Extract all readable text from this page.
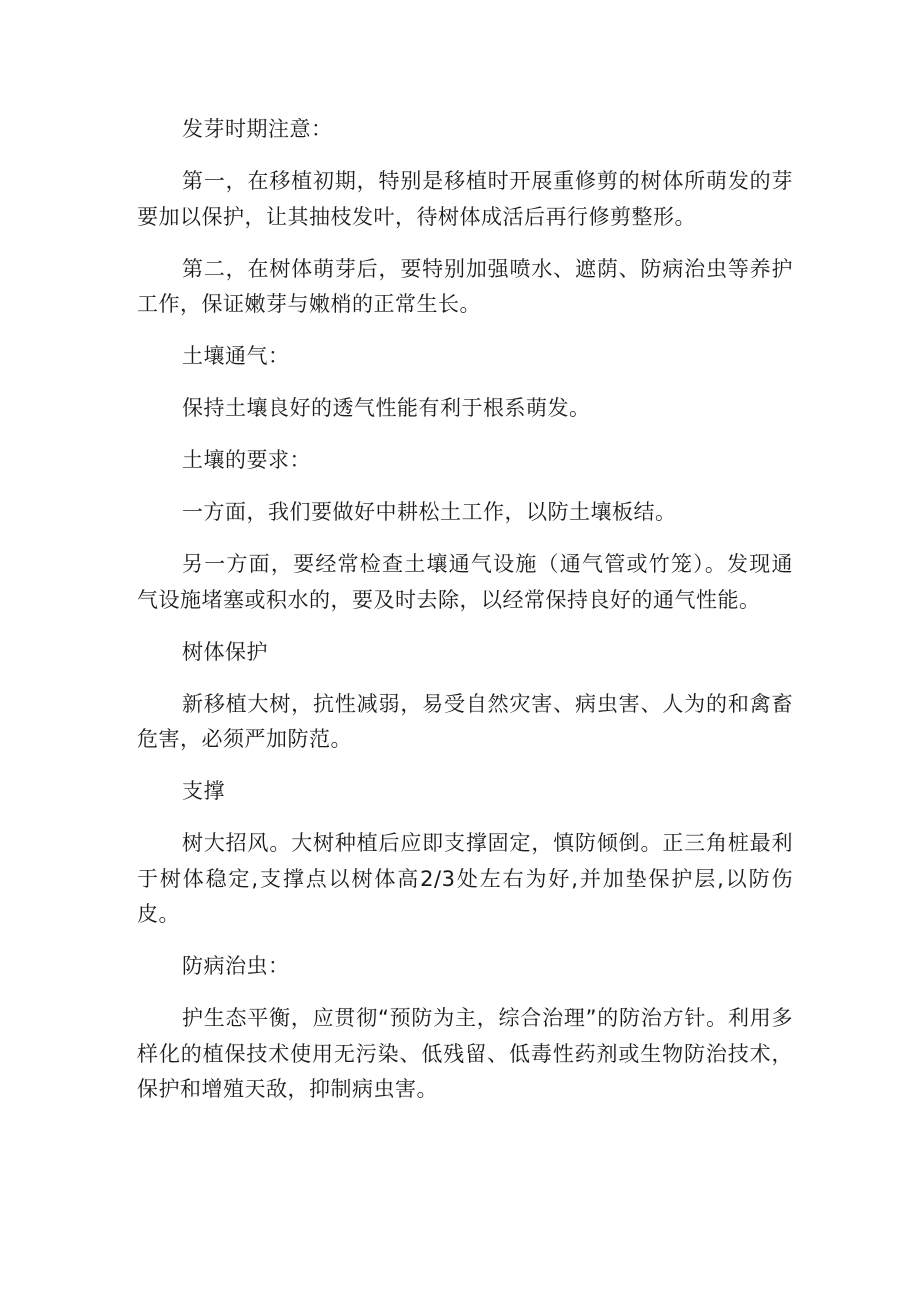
发芽时期注意：

第一，在移植初期，特别是移植时开展重修剪的树体所萌发的芽要加以保护，让其抽枝发叶，待树体成活后再行修剪整形。

第二，在树体萌芽后，要特别加强喷水、遮荫、防病治虫等养护工作，保证嫩芽与嫩梢的正常生长。

土壤通气：

保持土壤良好的透气性能有利于根系萌发。

土壤的要求：

一方面，我们要做好中耕松土工作，以防土壤板结。

另一方面，要经常检查土壤通气设施（通气管或竹笼）。发现通气设施堵塞或积水的，要及时去除，以经常保持良好的通气性能。

树体保护

新移植大树，抗性减弱，易受自然灾害、病虫害、人为的和禽畜危害，必须严加防范。

支撑

树大招风。大树种植后应即支撑固定，慎防倾倒。正三角桩最利于树体稳定,支撑点以树体高2/3处左右为好,并加垫保护层,以防伤皮。

防病治虫：

护生态平衡，应贯彻“预防为主，综合治理”的防治方针。利用多样化的植保技术使用无污染、低残留、低毒性药剂或生物防治技术，保护和增殖天敌，抑制病虫害。
